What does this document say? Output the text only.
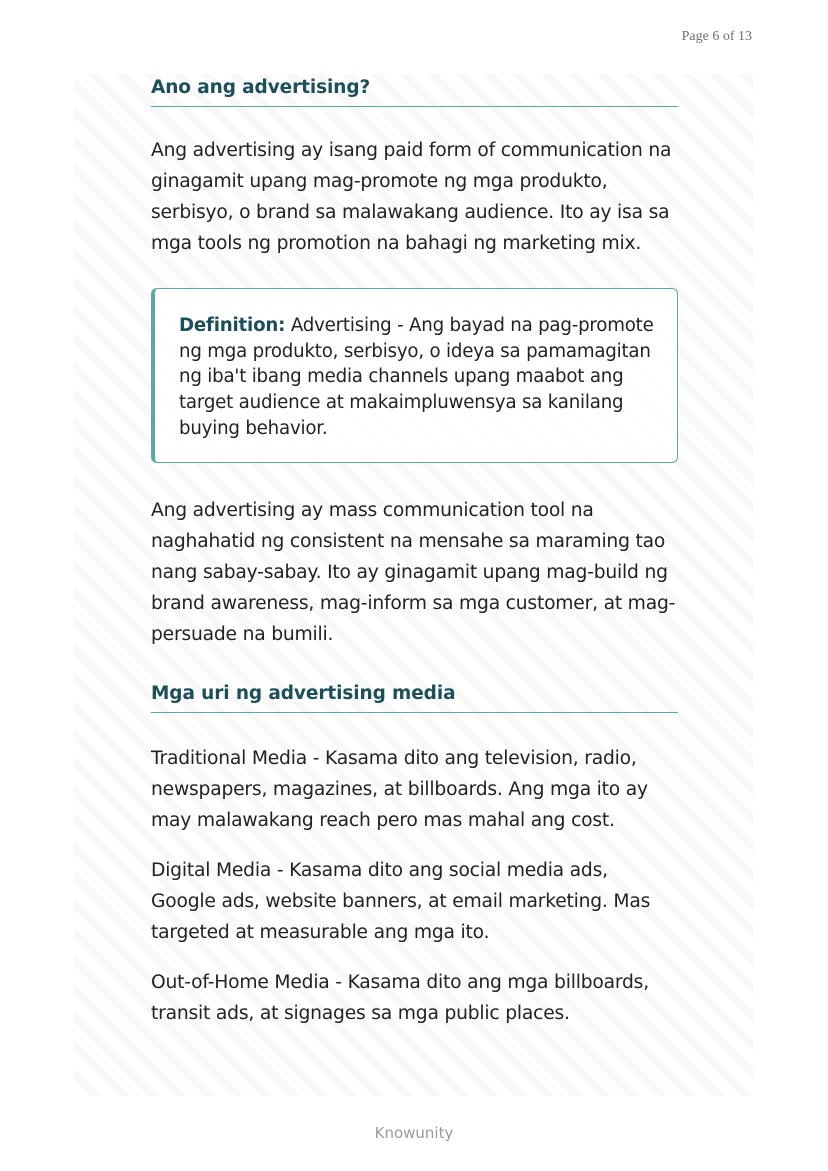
Page 6 of 13
Ano ang advertising?

Ang advertising ay isang paid form of communication na ginagamit upang mag-promote ng mga produkto, serbisyo, o brand sa malawakang audience. Ito ay isa sa mga tools ng promotion na bahagi ng marketing mix.

Definition: Advertising - Ang bayad na pag-promote ng mga produkto, serbisyo, o ideya sa pamamagitan ng iba't ibang media channels upang maabot ang target audience at makaimpluwensya sa kanilang buying behavior.

Ang advertising ay mass communication tool na naghahatid ng consistent na mensahe sa maraming tao nang sabay-sabay. Ito ay ginagamit upang mag-build ng brand awareness, mag-inform sa mga customer, at mag-persuade na bumili.

Mga uri ng advertising media

Traditional Media - Kasama dito ang television, radio, newspapers, magazines, at billboards. Ang mga ito ay may malawakang reach pero mas mahal ang cost.

Digital Media - Kasama dito ang social media ads, Google ads, website banners, at email marketing. Mas targeted at measurable ang mga ito.

Out-of-Home Media - Kasama dito ang mga billboards, transit ads, at signages sa mga public places.

Knowunity
